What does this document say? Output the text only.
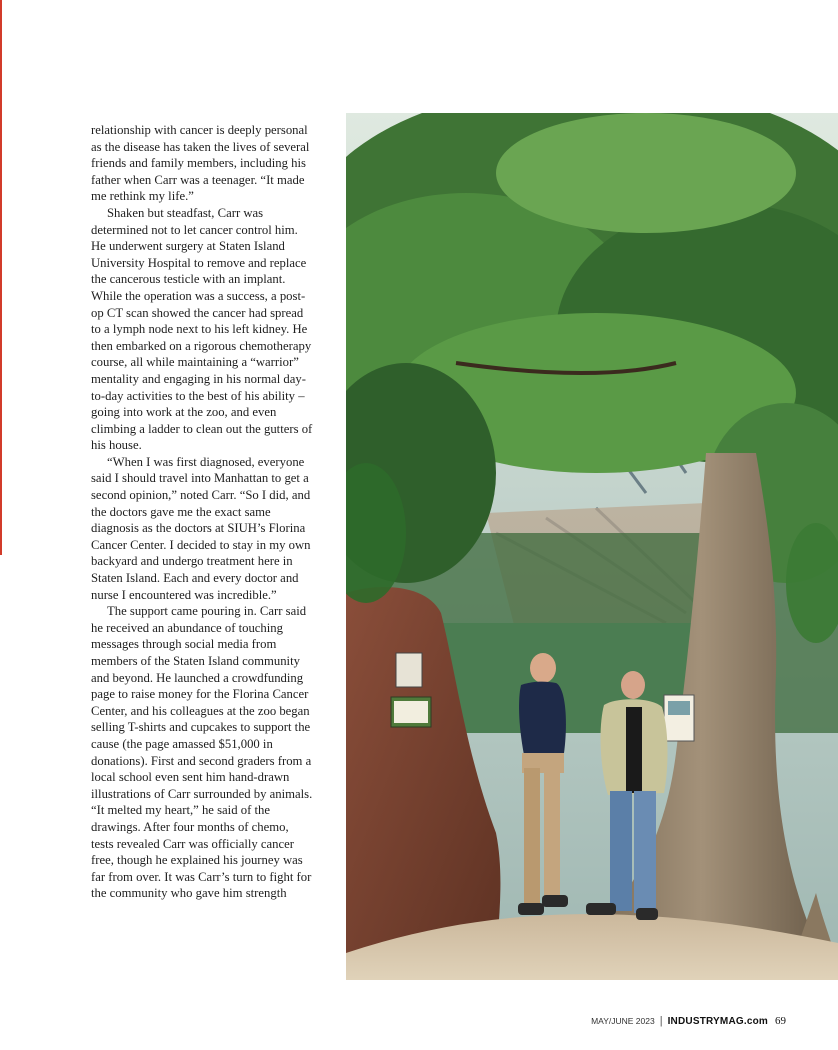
relationship with cancer is deeply personal as the disease has taken the lives of several friends and family members, including his father when Carr was a teenager. “It made me rethink my life.”

Shaken but steadfast, Carr was determined not to let cancer control him. He underwent surgery at Staten Island University Hospital to remove and replace the cancerous testicle with an implant. While the operation was a success, a post-op CT scan showed the cancer had spread to a lymph node next to his left kidney. He then embarked on a rigorous chemotherapy course, all while maintaining a “warrior” mentality and engaging in his normal day-to-day activities to the best of his ability – going into work at the zoo, and even climbing a ladder to clean out the gutters of his house.

“When I was first diagnosed, everyone said I should travel into Manhattan to get a second opinion,” noted Carr. “So I did, and the doctors gave me the exact same diagnosis as the doctors at SIUH’s Florina Cancer Center. I decided to stay in my own backyard and undergo treatment here in Staten Island. Each and every doctor and nurse I encountered was incredible.”

The support came pouring in. Carr said he received an abundance of touching messages through social media from members of the Staten Island community and beyond. He launched a crowdfunding page to raise money for the Florina Cancer Center, and his colleagues at the zoo began selling T-shirts and cupcakes to support the cause (the page amassed $51,000 in donations). First and second graders from a local school even sent him hand-drawn illustrations of Carr surrounded by animals. “It melted my heart,” he said of the drawings. After four months of chemo, tests revealed Carr was officially cancer free, though he explained his journey was far from over. It was Carr’s turn to fight for the community who gave him strength

MAY/JUNE 2023 | INDUSTRYMAG.com 69
